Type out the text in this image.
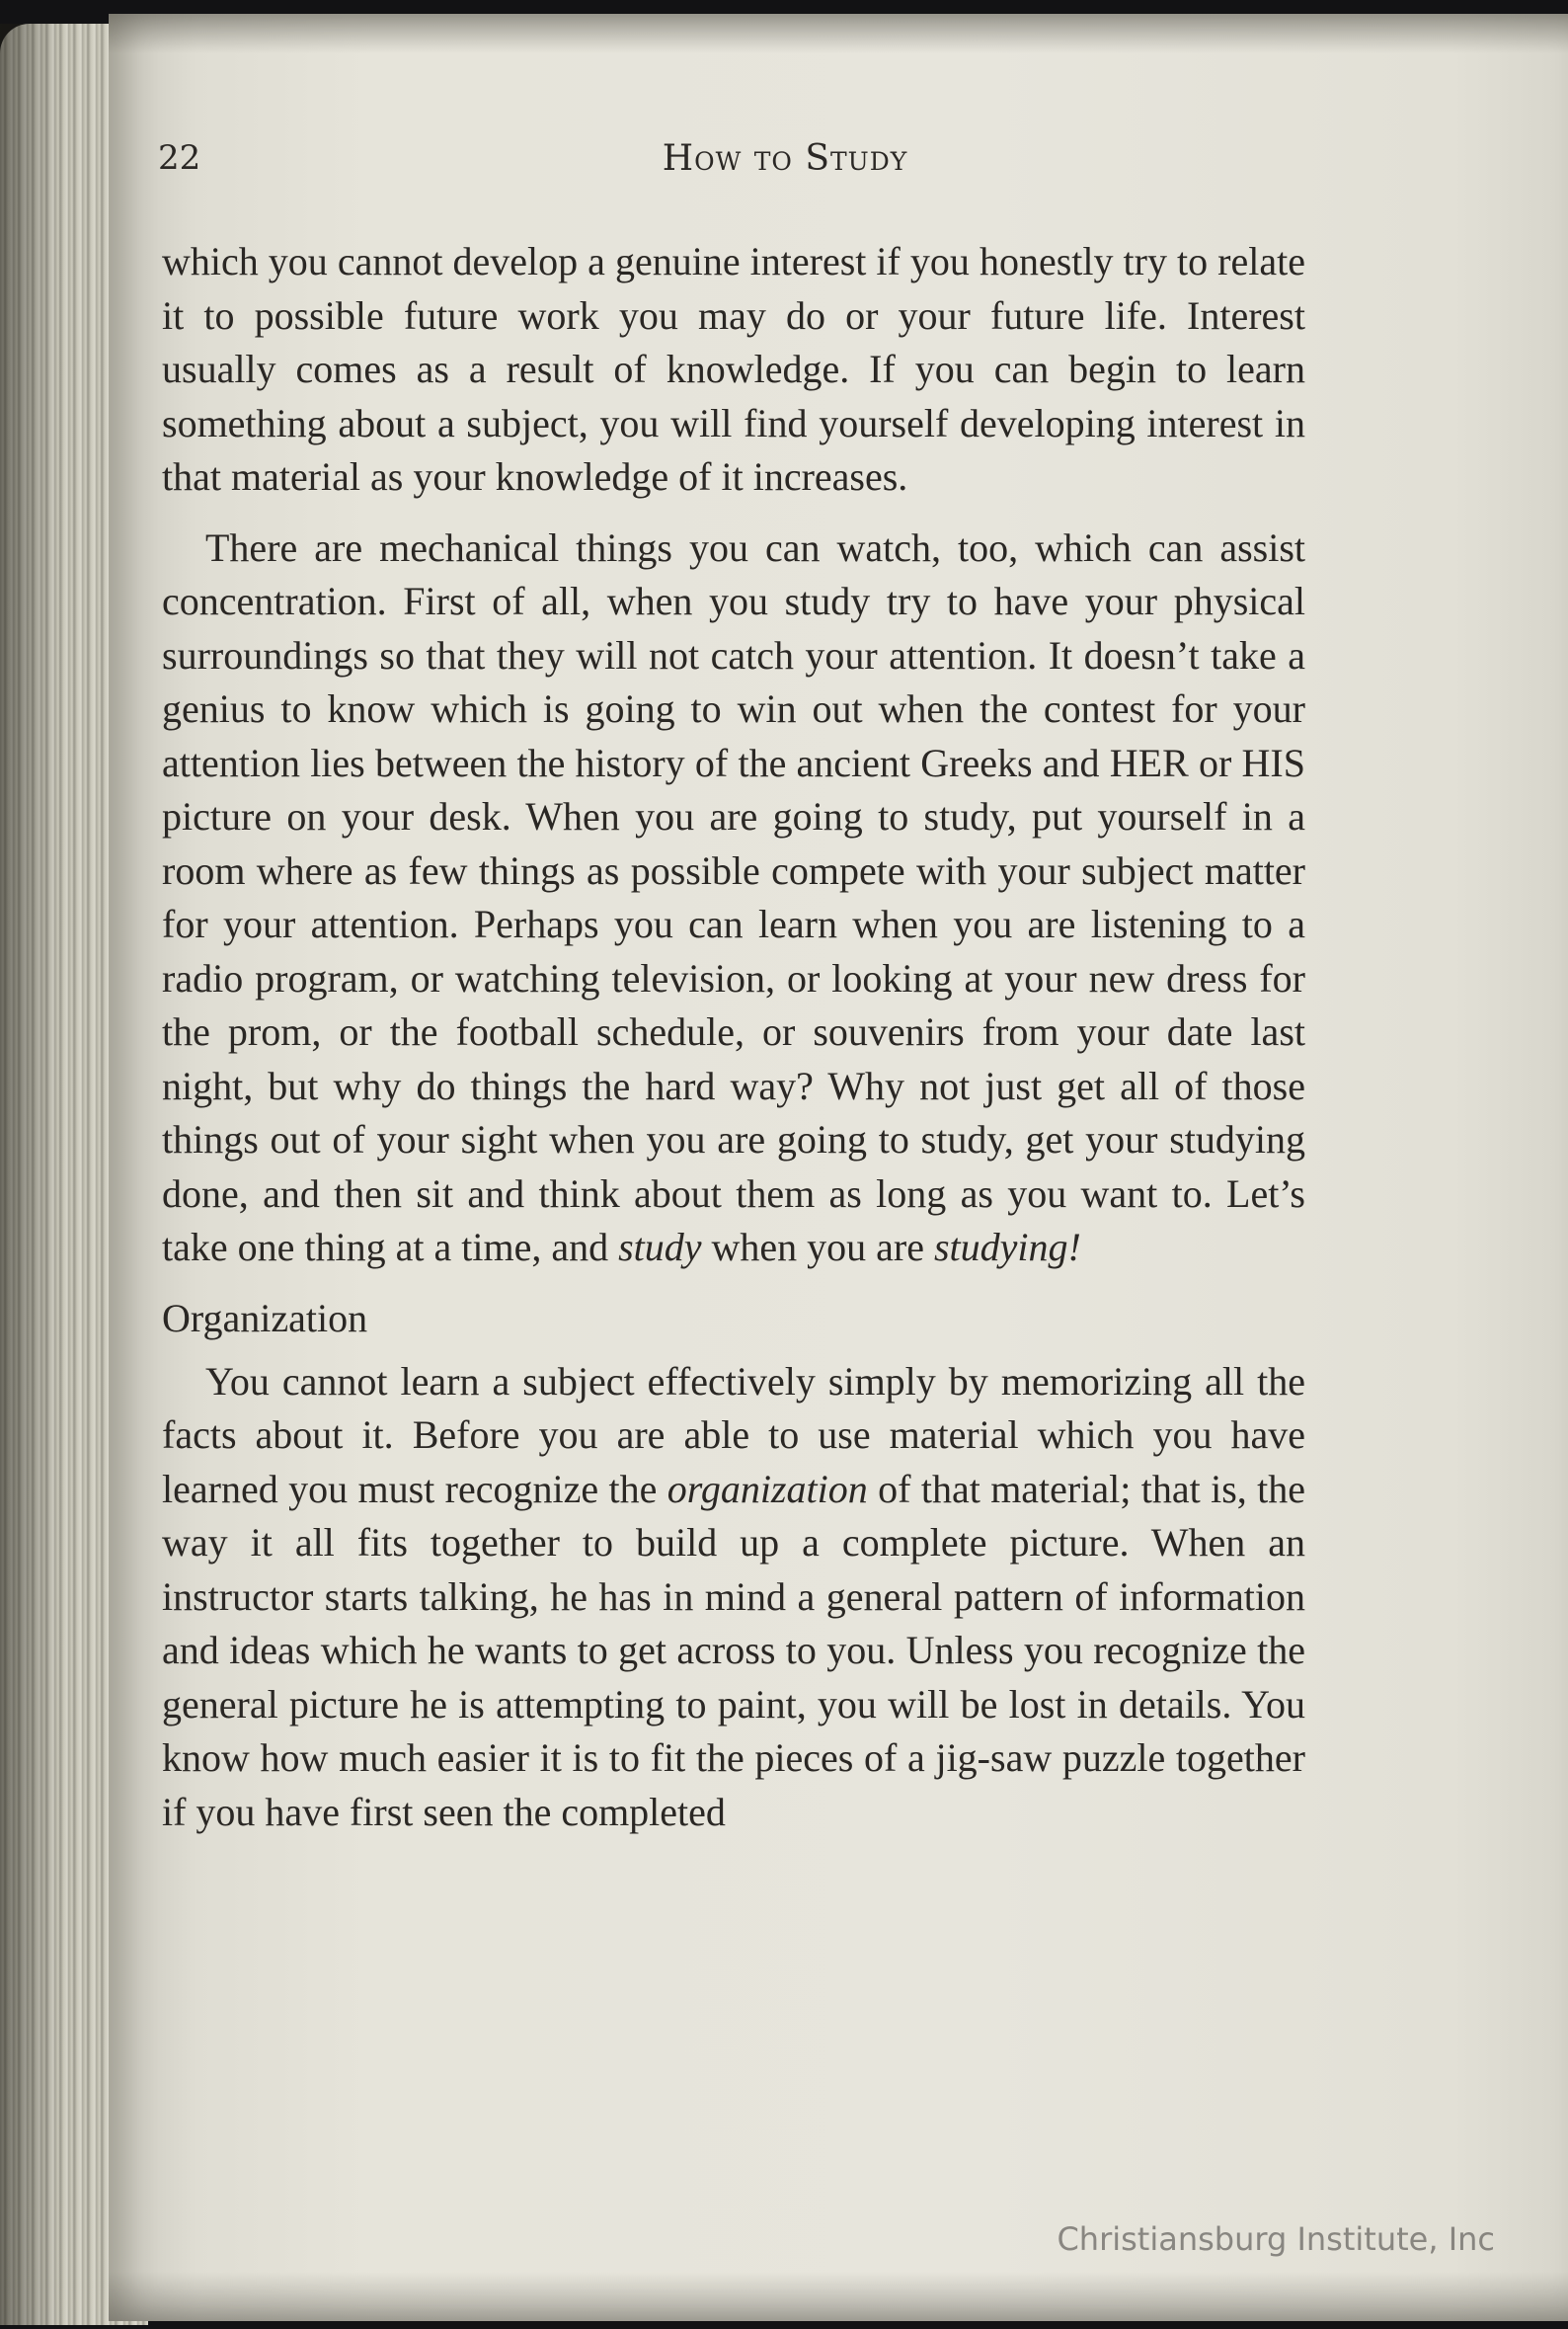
22	How to Study

which you cannot develop a genuine interest if you honestly try to relate it to possible future work you may do or your future life. Interest usually comes as a result of knowledge. If you can begin to learn something about a subject, you will find yourself developing interest in that material as your knowledge of it increases.

There are mechanical things you can watch, too, which can assist concentration. First of all, when you study try to have your physical surroundings so that they will not catch your attention. It doesn’t take a genius to know which is going to win out when the contest for your attention lies between the history of the ancient Greeks and HER or HIS picture on your desk. When you are going to study, put yourself in a room where as few things as possible compete with your subject matter for your attention. Perhaps you can learn when you are listening to a radio program, or watching television, or looking at your new dress for the prom, or the football schedule, or souvenirs from your date last night, but why do things the hard way? Why not just get all of those things out of your sight when you are going to study, get your studying done, and then sit and think about them as long as you want to. Let’s take one thing at a time, and study when you are studying!

Organization

You cannot learn a subject effectively simply by memorizing all the facts about it. Before you are able to use material which you have learned you must recognize the organization of that material; that is, the way it all fits together to build up a complete picture. When an instructor starts talking, he has in mind a general pattern of information and ideas which he wants to get across to you. Unless you recognize the general picture he is attempting to paint, you will be lost in details. You know how much easier it is to fit the pieces of a jig-saw puzzle together if you have first seen the completed

Christiansburg Institute, Inc
